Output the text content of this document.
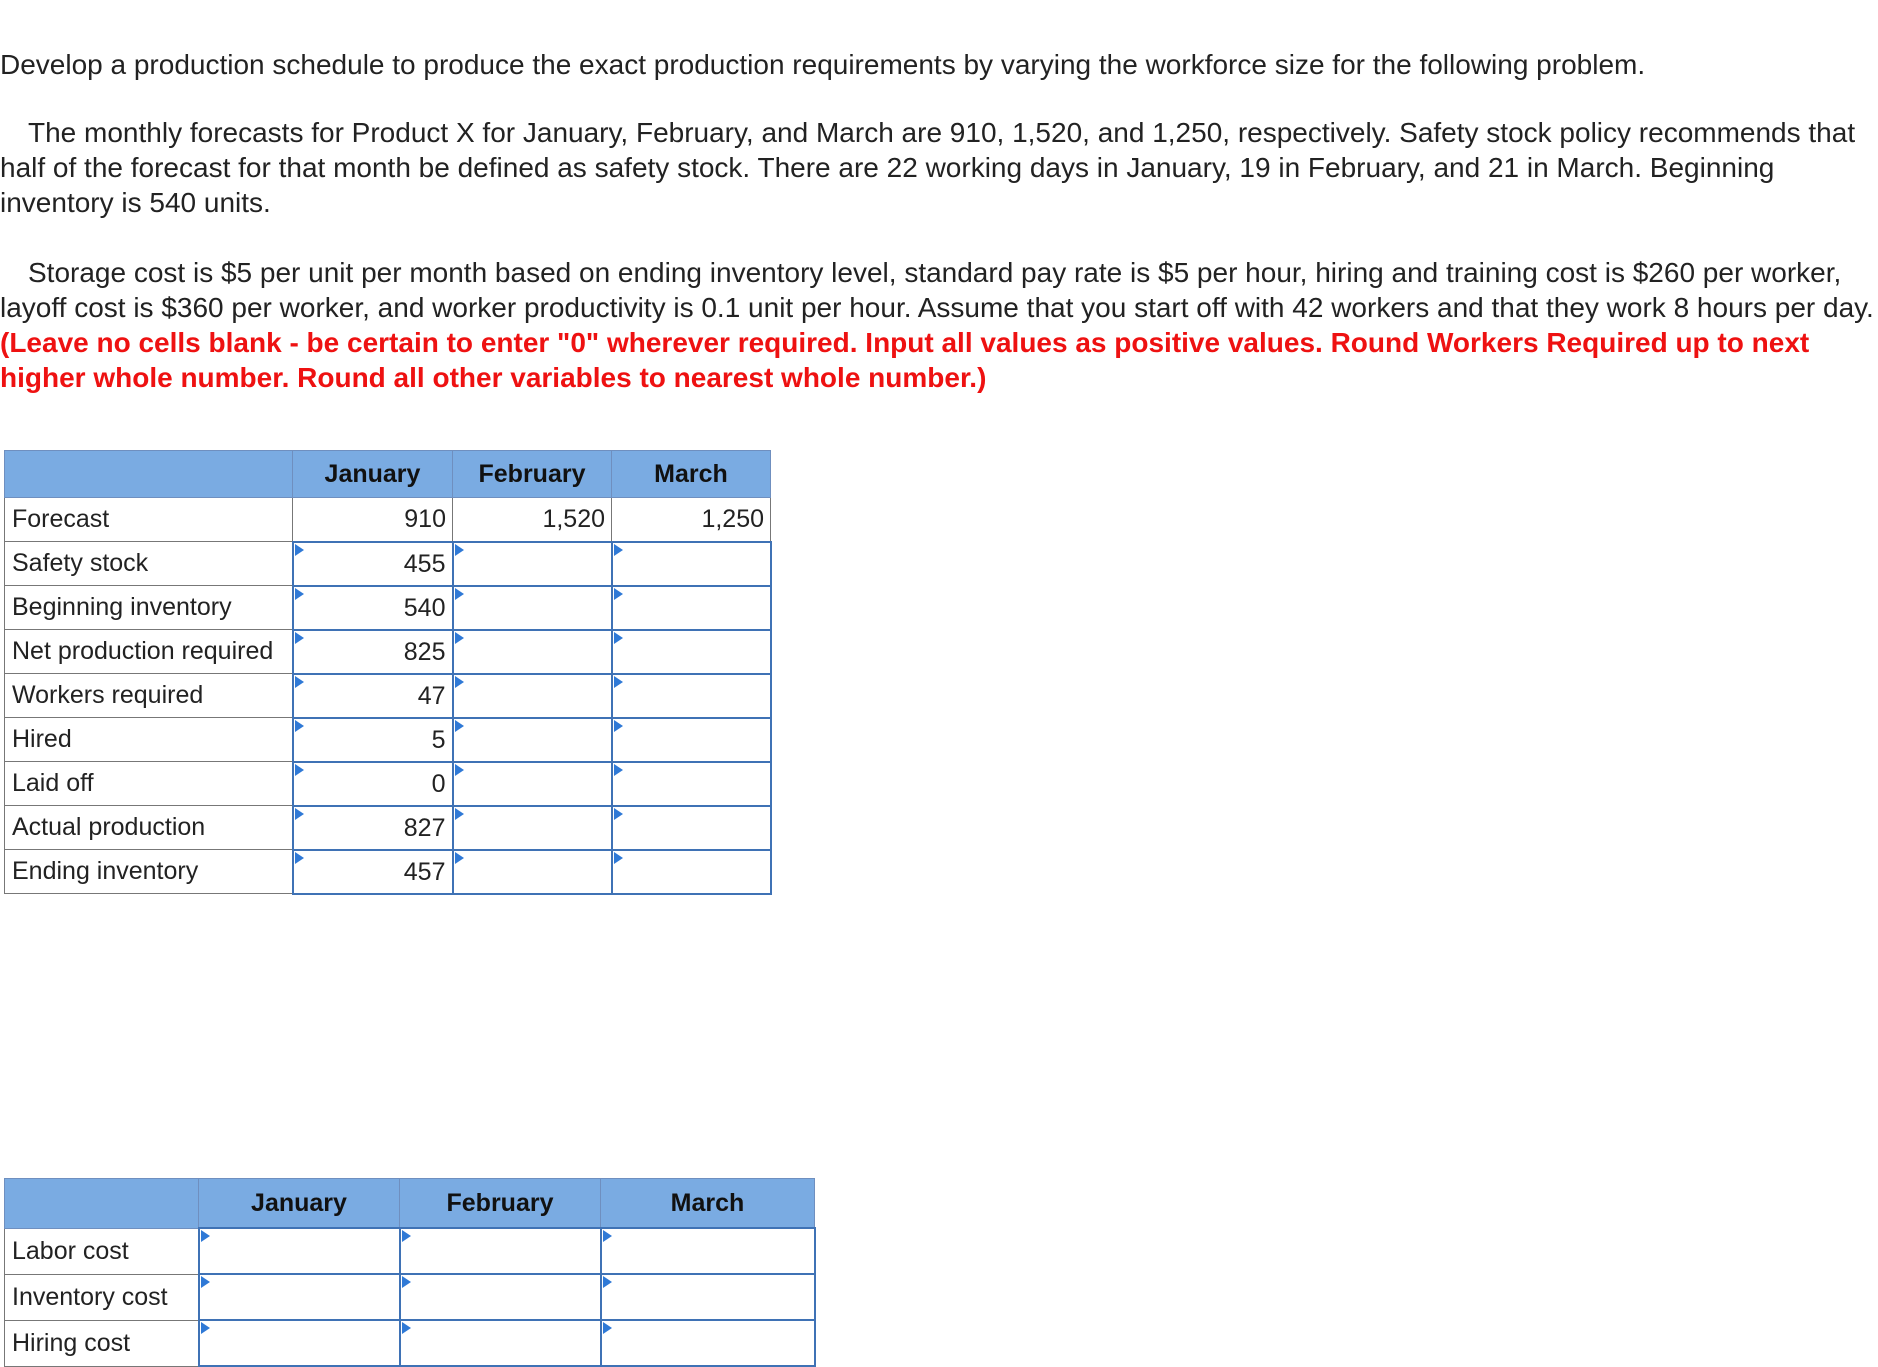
Develop a production schedule to produce the exact production requirements by varying the workforce size for the following problem.
The monthly forecasts for Product X for January, February, and March are 910, 1,520, and 1,250, respectively. Safety stock policy recommends that half of the forecast for that month be defined as safety stock. There are 22 working days in January, 19 in February, and 21 in March. Beginning inventory is 540 units.
Storage cost is $5 per unit per month based on ending inventory level, standard pay rate is $5 per hour, hiring and training cost is $260 per worker, layoff cost is $360 per worker, and worker productivity is 0.1 unit per hour. Assume that you start off with 42 workers and that they work 8 hours per day. (Leave no cells blank - be certain to enter "0" wherever required. Input all values as positive values. Round Workers Required up to next higher whole number. Round all other variables to nearest whole number.)
	January	February	March
Forecast	910	1,520	1,250
Safety stock	455		

Beginning inventory	540		

Net production required	825		

Workers required	47		

Hired	5		

Laid off	0		

Actual production	827		

Ending inventory	457		

	January	February	March
Labor cost	

Inventory cost	

Hiring cost	
